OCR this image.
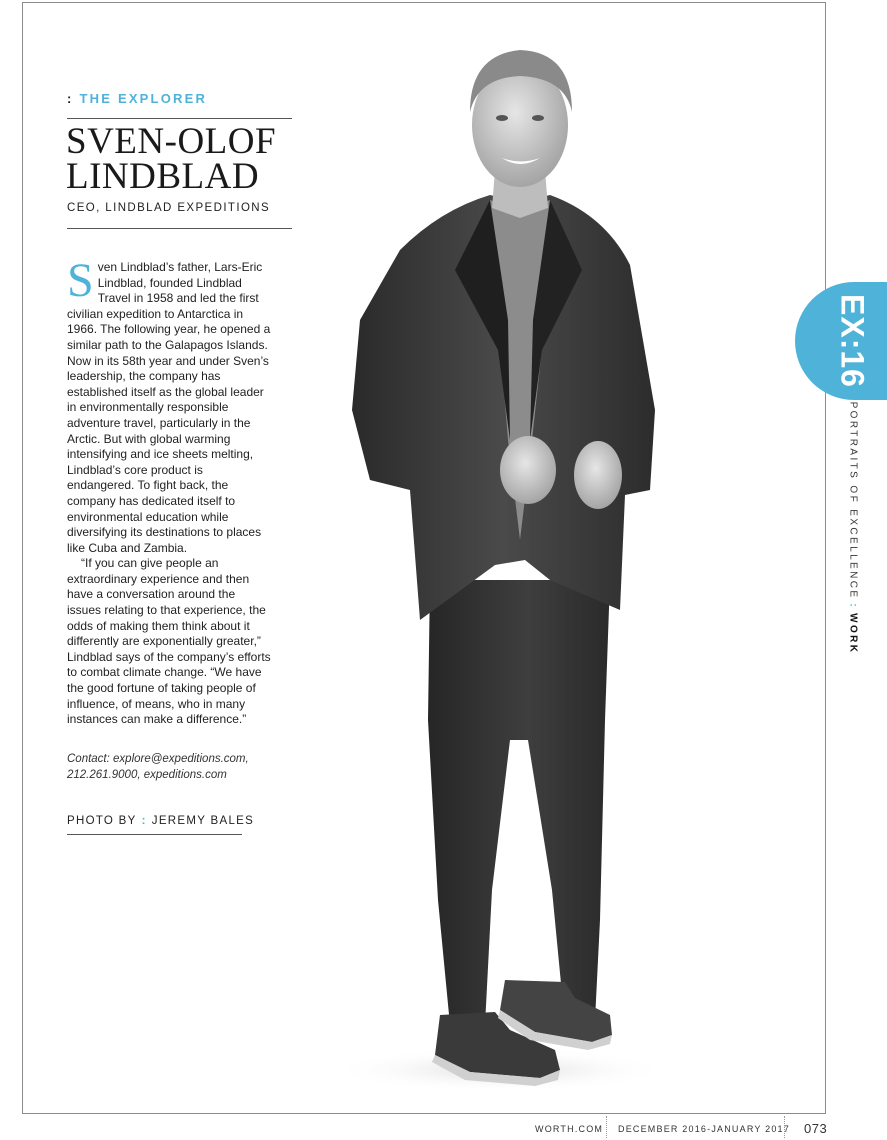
: THE EXPLORER
SVEN-OLOF
LINDBLAD
CEO, LINDBLAD EXPEDITIONS

Sven Lindblad’s father, Lars-Eric Lindblad, founded Lindblad Travel in 1958 and led the first civilian expedition to Antarctica in 1966. The following year, he opened a similar path to the Galapagos Islands. Now in its 58th year and under Sven’s leadership, the company has established itself as the global leader in environmentally responsible adventure travel, particularly in the Arctic. But with global warming intensifying and ice sheets melting, Lindblad’s core product is endangered. To fight back, the company has dedicated itself to environmental education while diversifying its destinations to places like Cuba and Zambia.

“If you can give people an extraordinary experience and then have a conversation around the issues relating to that experience, the odds of making them think about it differently are exponentially greater,” Lindblad says of the company’s efforts to combat climate change. “We have the good fortune of taking people of influence, of means, who in many instances can make a difference.”

Contact: explore@expeditions.com, 212.261.9000, expeditions.com
PHOTO BY : JEREMY BALES
EX:16
PORTRAITS OF EXCELLENCE:WORK
WORTH.COM DECEMBER 2016-JANUARY 2017 073
